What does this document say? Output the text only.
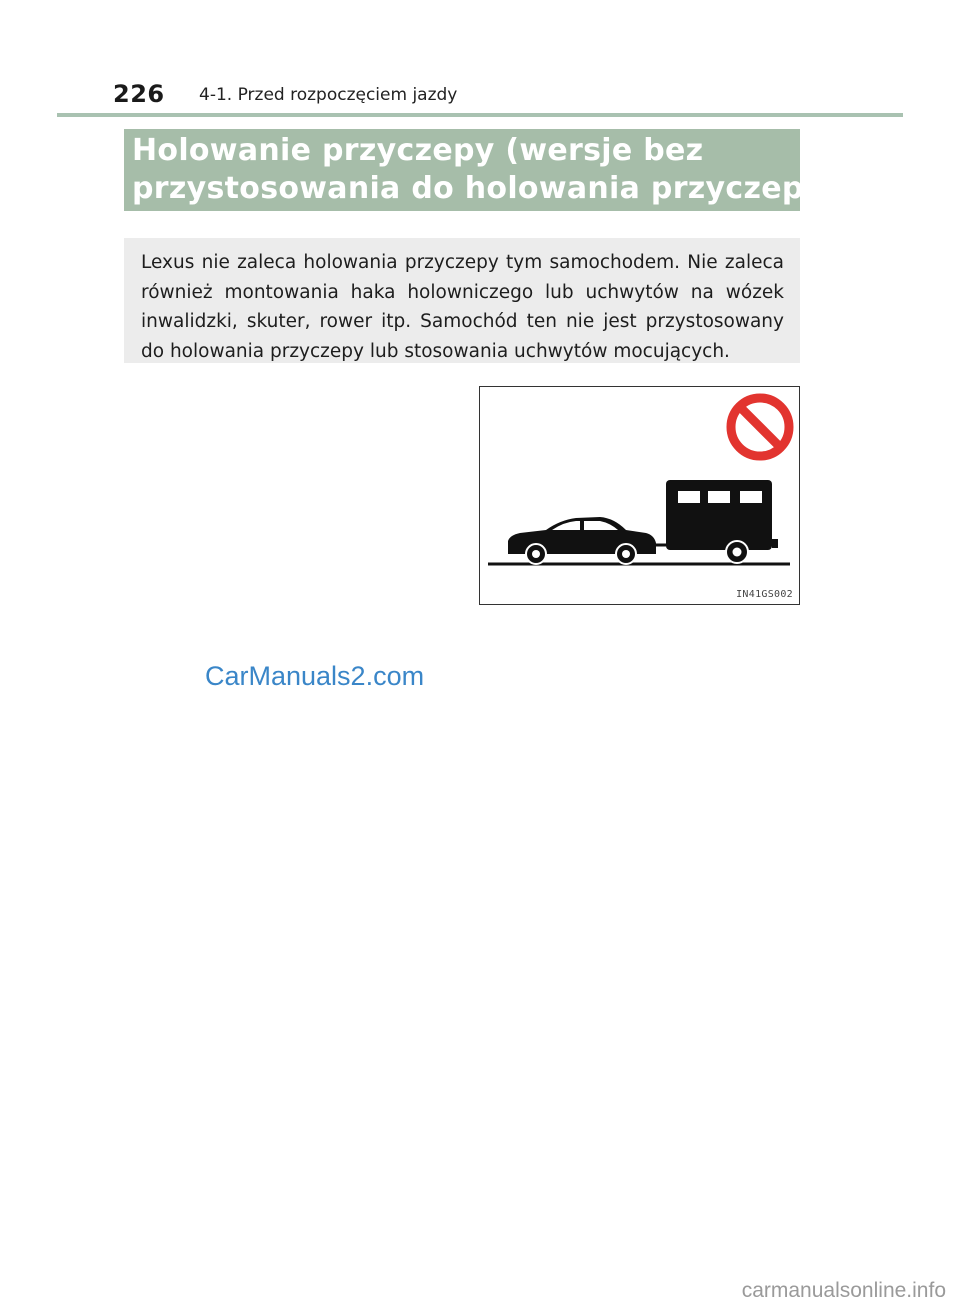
226 4-1. Przed rozpoczęciem jazdy
Holowanie przyczepy (wersje bez
przystosowania do holowania przyczepy)

Lexus nie zaleca holowania przyczepy tym samochodem. Nie zaleca również montowania haka holowniczego lub uchwytów na wózek inwalidzki, skuter, rower itp. Samochód ten nie jest przystosowany do holowania przyczepy lub stosowania uchwytów mocujących.

IN41GS002
CarManuals2.com
carmanualsonline.info
